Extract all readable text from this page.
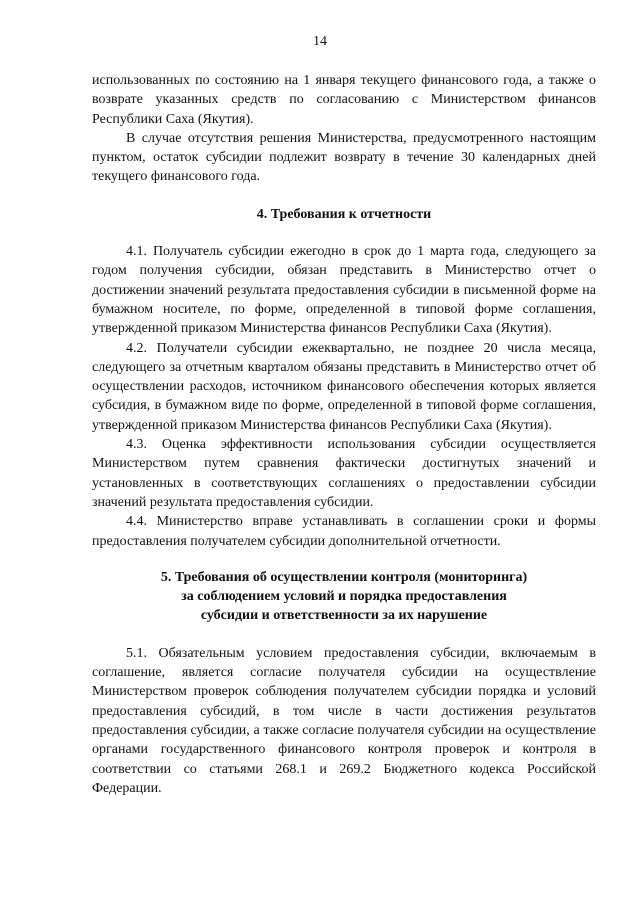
14

использованных по состоянию на 1 января текущего финансового года, а также о возврате указанных средств по согласованию с Министерством финансов Республики Саха (Якутия).

В случае отсутствия решения Министерства, предусмотренного настоящим пунктом, остаток субсидии подлежит возврату в течение 30 календарных дней текущего финансового года.

4. Требования к отчетности

4.1. Получатель субсидии ежегодно в срок до 1 марта года, следующего за годом получения субсидии, обязан представить в Министерство отчет о достижении значений результата предоставления субсидии в письменной форме на бумажном носителе, по форме, определенной в типовой форме соглашения, утвержденной приказом Министерства финансов Республики Саха (Якутия).

4.2. Получатели субсидии ежеквартально, не позднее 20 числа месяца, следующего за отчетным кварталом обязаны представить в Министерство отчет об осуществлении расходов, источником финансового обеспечения которых является субсидия, в бумажном виде по форме, определенной в типовой форме соглашения, утвержденной приказом Министерства финансов Республики Саха (Якутия).

4.3. Оценка эффективности использования субсидии осуществляется Министерством путем сравнения фактически достигнутых значений и установленных в соответствующих соглашениях о предоставлении субсидии значений результата предоставления субсидии.

4.4. Министерство вправе устанавливать в соглашении сроки и формы предоставления получателем субсидии дополнительной отчетности.

5. Требования об осуществлении контроля (мониторинга)
за соблюдением условий и порядка предоставления
субсидии и ответственности за их нарушение

5.1. Обязательным условием предоставления субсидии, включаемым в соглашение, является согласие получателя субсидии на осуществление Министерством проверок соблюдения получателем субсидии порядка и условий предоставления субсидий, в том числе в части достижения результатов предоставления субсидии, а также согласие получателя субсидии на осуществление органами государственного финансового контроля проверок и контроля в соответствии со статьями 268.1 и 269.2 Бюджетного кодекса Российской Федерации.
